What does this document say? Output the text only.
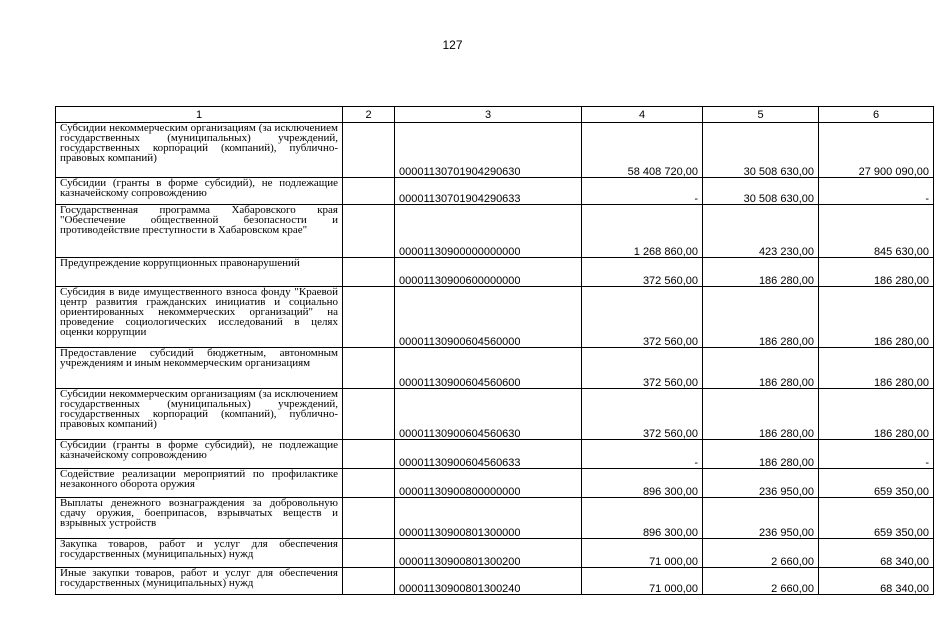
127
1	2	3	4	5	6
Субсидии некоммерческим организациям (за исключением государственных (муниципальных) учреждений, государственных корпораций (компаний), публично-правовых компаний)		00001130701904290630	58 408 720,00	30 508 630,00	27 900 090,00
Субсидии (гранты в форме субсидий), не подлежащие казначейскому сопровождению		00001130701904290633	-	30 508 630,00	-
Государственная программа Хабаровского края "Обеспечение общественной безопасности и противодействие преступности в Хабаровском крае"		00001130900000000000	1 268 860,00	423 230,00	845 630,00
Предупреждение коррупционных правонарушений		00001130900600000000	372 560,00	186 280,00	186 280,00
Субсидия в виде имущественного взноса фонду "Краевой центр развития гражданских инициатив и социально ориентированных некоммерческих организаций" на проведение социологических исследований в целях оценки коррупции		00001130900604560000	372 560,00	186 280,00	186 280,00
Предоставление субсидий бюджетным, автономным учреждениям и иным некоммерческим организациям		00001130900604560600	372 560,00	186 280,00	186 280,00
Субсидии некоммерческим организациям (за исключением государственных (муниципальных) учреждений, государственных корпораций (компаний), публично-правовых компаний)		00001130900604560630	372 560,00	186 280,00	186 280,00
Субсидии (гранты в форме субсидий), не подлежащие казначейскому сопровождению		00001130900604560633	-	186 280,00	-
Содействие реализации мероприятий по профилактике незаконного оборота оружия		00001130900800000000	896 300,00	236 950,00	659 350,00
Выплаты денежного вознаграждения за добровольную сдачу оружия, боеприпасов, взрывчатых веществ и взрывных устройств		00001130900801300000	896 300,00	236 950,00	659 350,00
Закупка товаров, работ и услуг для обеспечения государственных (муниципальных) нужд		00001130900801300200	71 000,00	2 660,00	68 340,00
Иные закупки товаров, работ и услуг для обеспечения государственных (муниципальных) нужд		00001130900801300240	71 000,00	2 660,00	68 340,00
